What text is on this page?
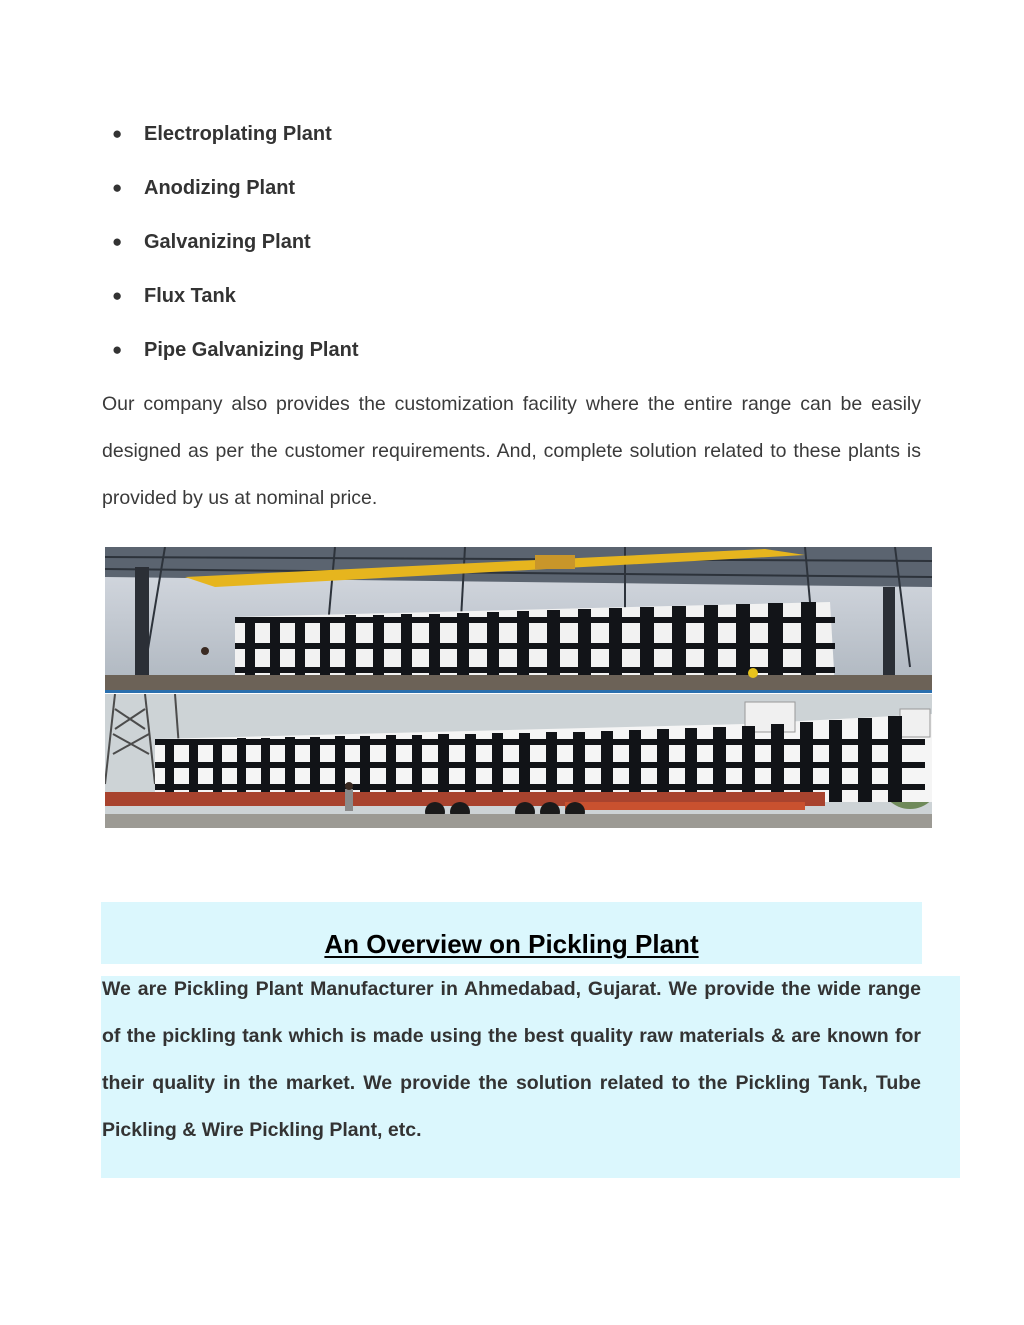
●	Electroplating Plant
●	Anodizing Plant
●	Galvanizing Plant
●	Flux Tank
●	Pipe Galvanizing Plant

Our company also provides the customization facility where the entire range can be easily designed as per the customer requirements. And, complete solution related to these plants is provided by us at nominal price.

An Overview on Pickling Plant

We are Pickling Plant Manufacturer in Ahmedabad, Gujarat. We provide the wide range of the pickling tank which is made using the best quality raw materials & are known for their quality in the market. We provide the solution related to the Pickling Tank, Tube Pickling & Wire Pickling Plant, etc.
